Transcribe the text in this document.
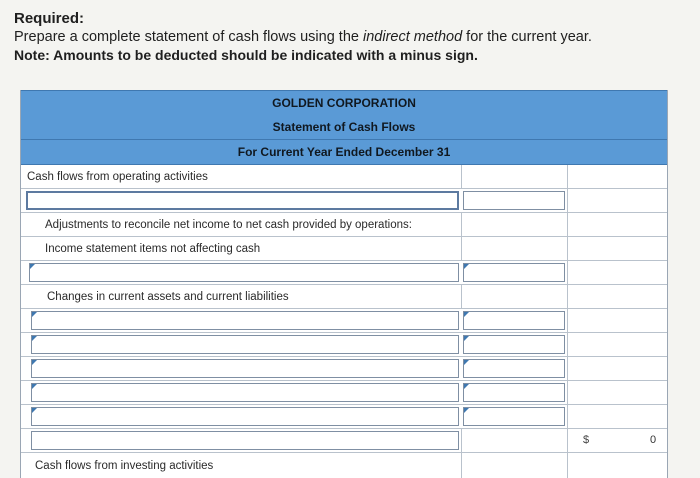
Required:
Prepare a complete statement of cash flows using the indirect method for the current year.
Note: Amounts to be deducted should be indicated with a minus sign.
GOLDEN CORPORATION
Statement of Cash Flows
For Current Year Ended December 31
Cash flows from operating activities
Adjustments to reconcile net income to net cash provided by operations:
Income statement items not affecting cash
Changes in current assets and current liabilities
$	0
Cash flows from investing activities
